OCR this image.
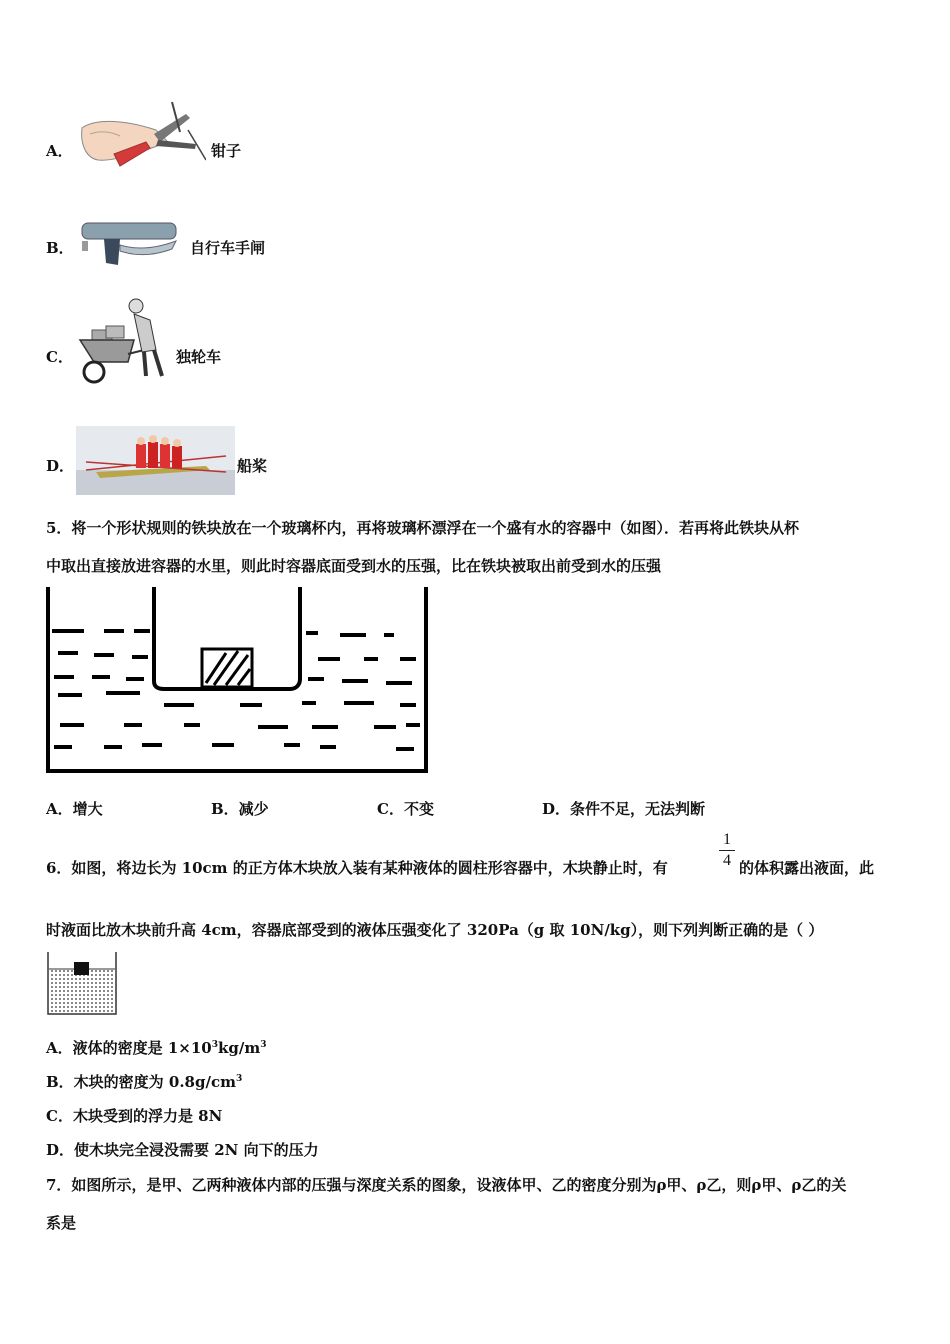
A．	钳子
B．	自行车手闸
C．	独轮车
D．	船桨
5．将一个形状规则的铁块放在一个玻璃杯内，再将玻璃杯漂浮在一个盛有水的容器中（如图）．若再将此铁块从杯
中取出直接放进容器的水里，则此时容器底面受到水的压强，比在铁块被取出前受到水的压强
A．增大	B．减少	C．不变	D．条件不足，无法判断
6．如图，将边长为 10cm 的正方体木块放入装有某种液体的圆柱形容器中，木块静止时，有
1
4 的体积露出液面，此
时液面比放木块前升高 4cm，容器底部受到的液体压强变化了 320Pa（g 取 10N/kg），则下列判断正确的是（ ）
A．液体的密度是 $1\times 10^3kg/m^3$
B．木块的密度为 $0.8g/cm^3$
C．木块受到的浮力是 8N
D．使木块完全浸没需要 2N 向下的压力
7．如图所示，是甲、乙两种液体内部的压强与深度关系的图象，设液体甲、乙的密度分别为ρ甲、ρ乙，则ρ甲、ρ乙的关
系是
